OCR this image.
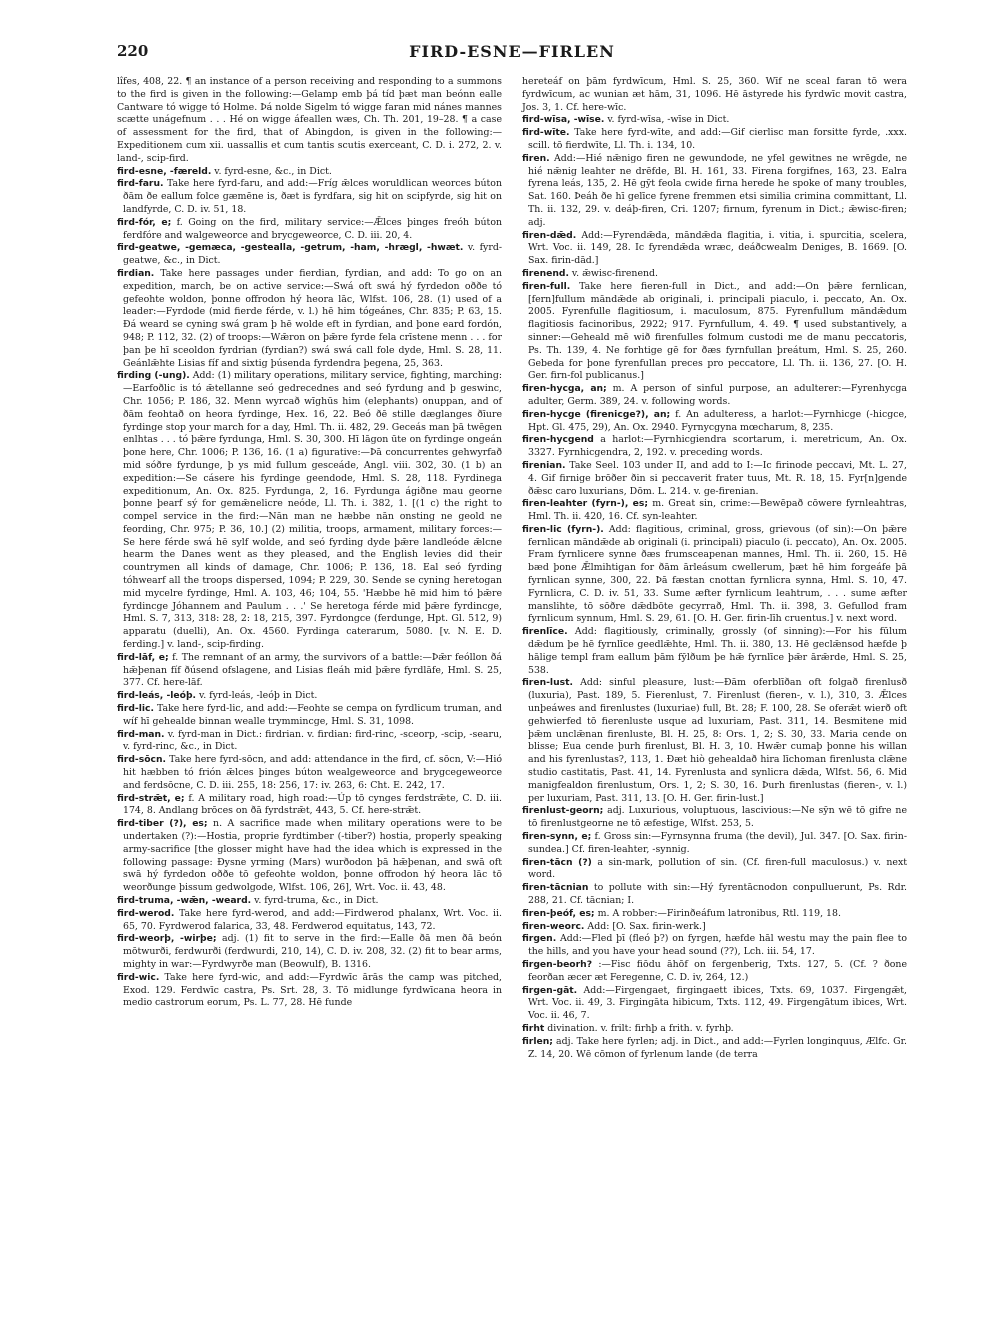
220	FIRD-ESNE—FIRLEN

lîfes, 408, 22. ¶ an instance of a person receiving and responding to a summons to the fird is given in the following:—Gelamp emb þá tíd þæt man beónn ealle Cantware tó wigge tó Holme. Þá nolde Sigelm tó wigge faran mid nánes mannes scætte unágefnum . . . Hé on wigge áfeallen wæs, Ch. Th. 201, 19–28. ¶ a case of assessment for the fird, that of Abingdon, is given in the following:—Expeditionem cum xii. uassallis et cum tantis scutis exerceant, C. D. i. 272, 2. v. land-, scip-fird.

fird-esne, -færeld. v. fyrd-esne, &c., in Dict.

fird-faru. Take here fyrd-faru, and add:—Fríg ǣlces woruldlican weorces búton ðām ðe eallum folce gæmēne is, ðæt is fyrdfara, sig hit on scipfyrde, sig hit on landfyrde, C. D. iv. 51, 18.

fird-fór, e; f. Going on the fird, military service:—Ǣlces þinges freóh búton ferdfóre and walgeweorce and brycgeweorce, C. D. iii. 20, 4.

fird-geatwe, -gemæca, -gestealla, -getrum, -ham, -hrægl, -hwæt. v. fyrd-geatwe, &c., in Dict.

firdian. Take here passages under fierdian, fyrdian, and add: To go on an expedition, march, be on active service:—Swá oft swá hý fyrdedon oððe tó gefeohte woldon, þonne offrodon hý heora lāc, Wlfst. 106, 28. (1) used of a leader:—Fyrdode (mid fierde férde, v. l.) hē him tógeánes, Chr. 835; P. 63, 15. Ðá weard se cyning swá gram þ hē wolde eft in fyrdian, and þone eard fordón, 948; P. 112, 32. (2) of troops:—Wǣron on þǣre fyrde fela crīstene menn . . . for þan þe hī sceoldon fyrdrian (fyrdian?) swá swá call fole dyde, Hml. S. 28, 11. Geánlǣhte Lisias fíf and sixtig þúsenda fyrdendra þegena, 25, 363.

firding (-ung). Add: (1) military operations, military service, fighting, marching:—Earfoðlic is tó ǣtellanne seó gedrecednes and seó fyrdung and þ geswinc, Chr. 1056; P. 186, 32. Menn wyrcað wīghūs him (elephants) onuppan, and of ðām feohtað on heora fyrdinge, Hex. 16, 22. Beó ðē stille dæglanges ðīure fyrdinge stop your march for a day, Hml. Th. ii. 482, 29. Geceás man þā twēgen enlhtas . . . tó þǣre fyrdunga, Hml. S. 30, 300. Hī lāgon ūte on fyrdinge ongeán þone here, Chr. 1006; P. 136, 16. (1 a) figurative:—Þā concurrentes gehwyrfað mid sóðre fyrdunge, þ ys mid fullum gesceáde, Angl. viii. 302, 30. (1 b) an expedition:—Se cásere his fyrdinge geendode, Hml. S. 28, 118. Fyrdinega expeditionum, An. Ox. 825. Fyrdunga, 2, 16. Fyrdunga ágiðne mau georne þonne þearf sý for gemǣnelicre neóde, Ll. Th. i. 382, 1. [(1 c) the right to compel service in the fird:—Nān man ne hæbbe nān onsting ne geold ne feording, Chr. 975; P. 36, 10.] (2) militia, troops, armament, military forces:—Se here férde swá hē sylf wolde, and seó fyrding dyde þǣre landleóde ǣlcne hearm the Danes went as they pleased, and the English levies did their countrymen all kinds of damage, Chr. 1006; P. 136, 18. Eal seó fyrding tóhwearf all the troops dispersed, 1094; P. 229, 30. Sende se cyning heretogan mid mycelre fyrdinge, Hml. A. 103, 46; 104, 55. 'Hæbbe hē mid him tó þǣre fyrdincge Jóhannem and Paulum . . .' Se heretoga férde mid þǣre fyrdincge, Hml. S. 7, 313, 318: 28, 2: 18, 215, 397. Fyrdongce (ferdunge, Hpt. Gl. 512, 9) apparatu (duelli), An. Ox. 4560. Fyrdinga caterarum, 5080. [v. N. E. D. ferding.] v. land-, scip-firding.

fird-lāf, e; f. The remnant of an army, the survivors of a battle:—Þǣr feóllon ðá hǣþenan fíf ðúsend ofslagene, and Lisias fleáh mid þǣre fyrdlāfe, Hml. S. 25, 377. Cf. here-lāf.

fird-leás, -leóþ. v. fyrd-leás, -leóþ in Dict.

fird-lic. Take here fyrd-lic, and add:—Feohte se cempa on fyrdlicum truman, and wíf hī gehealde binnan wealle trymmincge, Hml. S. 31, 1098.

fird-man. v. fyrd-man in Dict.: firdrian. v. firdian: fird-rinc, -sceorp, -scip, -searu, v. fyrd-rinc, &c., in Dict.

fird-sōcn. Take here fyrd-sōcn, and add: attendance in the fird, cf. sōcn, V:—Hió hit hæbben tó frión ǣlces þinges búton wealgeweorce and brygcegeweorce and ferdsōcne, C. D. iii. 255, 18: 256, 17: iv. 263, 6: Cht. E. 242, 17.

fird-strǣt, e; f. A military road, high road:—Úp tō cynges ferdstrǣte, C. D. iii. 174, 8. Andlang brōces on ðā fyrdstrǣt, 443, 5. Cf. here-strǣt.

fird-tiber (?), es; n. A sacrifice made when military operations were to be undertaken (?):—Hostia, proprie fyrdtimber (-tiber?) hostia, properly speaking army-sacrifice [the glosser might have had the idea which is expressed in the following passage: Ðysne yrming (Mars) wurðodon þā hǣþenan, and swā oft swā hý fyrdedon oððe tō gefeohte woldon, þonne offrodon hý heora lāc tō weorðunge þissum gedwolgode, Wlfst. 106, 26], Wrt. Voc. ii. 43, 48.

fird-truma, -wǣn, -weard. v. fyrd-truma, &c., in Dict.

fird-werod. Take here fyrd-werod, and add:—Firdwerod phalanx, Wrt. Voc. ii. 65, 70. Fyrdwerod falarica, 33, 48. Ferdwerod equitatus, 143, 72.

fird-weorþ, -wirþe; adj. (1) fit to serve in the fird:—Ealle ðā men ðā beón mōtwurði, ferdwurði (ferdwurdi, 210, 14), C. D. iv. 208, 32. (2) fit to bear arms, mighty in war:—Fyrdwyrðe man (Beowulf), B. 1316.

fird-wic. Take here fyrd-wic, and add:—Fyrdwīc ārās the camp was pitched, Exod. 129. Ferdwīc castra, Ps. Srt. 28, 3. Tō midlunge fyrdwīcana heora in medio castrorum eorum, Ps. L. 77, 28. Hē funde

hereteáf on þām fyrdwīcum, Hml. S. 25, 360. Wīf ne sceal faran tō wera fyrdwīcum, ac wunian æt hām, 31, 1096. Hē āstyrede his fyrdwīc movit castra, Jos. 3, 1. Cf. here-wīc.

fird-wīsa, -wīse. v. fyrd-wīsa, -wīse in Dict.

fird-wīte. Take here fyrd-wīte, and add:—Gif cierlisc man forsitte fyrde, .xxx. scill. tō fierdwīte, Ll. Th. i. 134, 10.

firen. Add:—Hié nǣnigo firen ne gewundode, ne yfel gewitnes ne wrēgde, ne hié nǣnig leahter ne drēfde, Bl. H. 161, 33. Firena forgifnes, 163, 23. Ealra fyrena leás, 135, 2. Hē gȳt feola cwide firna herede he spoke of many troubles, Sat. 160. Þeáh ðe hī gelīce fyrene fremmen etsi similia crimina committant, Ll. Th. ii. 132, 29. v. deáþ-firen, Cri. 1207; firnum, fyrenum in Dict.; ǣwisc-firen; adj.

firen-dǣd. Add:—Fyrendǣda, māndǣda flagitia, i. vitia, i. spurcitia, scelera, Wrt. Voc. ii. 149, 28. Ic fyrendǣda wræc, deáðcwealm Deniges, B. 1669. [O. Sax. firin-dād.]

firenend. v. ǣwisc-firenend.

firen-full. Take here fieren-full in Dict., and add:—On þǣre fernlican, [fern]fullum māndǣde ab originali, i. principali piaculo, i. peccato, An. Ox. 2005. Fyrenfulle flagitiosum, i. maculosum, 875. Fyrenfullum māndǣdum flagitiosis facinoribus, 2922; 917. Fyrnfullum, 4. 49. ¶ used substantively, a sinner:—Geheald mē wið firenfulles folmum custodi me de manu peccatoris, Ps. Th. 139, 4. Ne forhtige gē for ðæs fyrnfullan þreátum, Hml. S. 25, 260. Gebeda for þone fyrenfullan preces pro peccatore, Ll. Th. ii. 136, 27. [O. H. Ger. firn-fol publicanus.]

firen-hycga, an; m. A person of sinful purpose, an adulterer:—Fyrenhycga adulter, Germ. 389, 24. v. following words.

firen-hycge (firenicge?), an; f. An adulteress, a harlot:—Fyrnhicge (-hicgce, Hpt. Gl. 475, 29), An. Ox. 2940. Fyrnycgyna mœcharum, 8, 235.

firen-hycgend a harlot:—Fyrnhicgiendra scortarum, i. meretricum, An. Ox. 3327. Fyrnhicgendra, 2, 192. v. preceding words.

firenian. Take Seel. 103 under II, and add to I:—Ic firinode peccavi, Mt. L. 27, 4. Gif firnige brōðer ðin si peccaverit frater tuus, Mt. R. 18, 15. Fyr[n]gende ðǣsc caro luxurians, Dōm. L. 214. v. ge-firenian.

firen-leahter (fyrn-), es; m. Great sin, crime:—Bewēpað cōwere fyrnleahtras, Hml. Th. ii. 420, 16. Cf. syn-leahter.

firen-lic (fyrn-). Add: flagitious, criminal, gross, grievous (of sin):—On þǣre fernlican māndǣde ab originali (i. principali) piaculo (i. peccato), An. Ox. 2005. Fram fyrnlicere synne ðæs frumsceapenan mannes, Hml. Th. ii. 260, 15. Hē bæd þone Ǣlmihtigan for ðām ārleásum cwellerum, þæt hē him forgeáfe þā fyrnlican synne, 300, 22. Þā fæstan cnottan fyrnlicra synna, Hml. S. 10, 47. Fyrnlicra, C. D. iv. 51, 33. Sume æfter fyrnlicum leahtrum, . . . sume æfter manslihte, tō sōðre dǣdbōte gecyrrað, Hml. Th. ii. 398, 3. Gefullod fram fyrnlicum synnum, Hml. S. 29, 61. [O. H. Ger. firin-līh cruentus.] v. next word.

firenlīce. Add: flagitiously, criminally, grossly (of sinning):—For his fūlum dǣdum þe hē fyrnlīce geedlǣhte, Hml. Th. ii. 380, 13. Hē geclǣnsod hæfde þ hālige templ fram eallum þām fȳlðum þe hǣ fyrnlīce þǣr ārǣrde, Hml. S. 25, 538.

firen-lust. Add: sinful pleasure, lust:—Ðām oferblīðan oft folgað firenlusð (luxuria), Past. 189, 5. Fierenlust, 7. Firenlust (fieren-, v. l.), 310, 3. Ǣlces unþeáwes and firenlustes (luxuriae) full, Bt. 28; F. 100, 28. Se oferǣt wierð oft gehwierfed tō fierenluste usque ad luxuriam, Past. 311, 14. Besmitene mid þǣm unclǣnan firenluste, Bl. H. 25, 8: Ors. 1, 2; S. 30, 33. Maria cende on blisse; Eua cende þurh firenlust, Bl. H. 3, 10. Hwǣr cumaþ þonne his willan and his fyrenlustas?, 113, 1. Ðæt hiò gehealdað hira līchoman firenlustа clǣne studio castitatis, Past. 41, 14. Fyrenlusta and synlicra dǣda, Wlfst. 56, 6. Mid manigfealdon firenlustum, Ors. 1, 2; S. 30, 16. Þurh firenlustas (fieren-, v. l.) per luxuriam, Past. 311, 13. [O. H. Ger. firin-lust.]

firenlust-georn; adj. Luxurious, voluptuous, lascivious:—Ne sȳn wē tō gifre ne tō firenlustgeorne ne tō æfestige, Wlfst. 253, 5.

firen-synn, e; f. Gross sin:—Fyrnsynna fruma (the devil), Jul. 347. [O. Sax. firin-sundea.] Cf. firen-leahter, -synnig.

firen-tācn (?) a sin-mark, pollution of sin. (Cf. firen-full maculosus.) v. next word.

firen-tācnian to pollute with sin:—Hý fyrentācnodon conpulluerunt, Ps. Rdr. 288, 21. Cf. tācnian; I.

firen-þeóf, es; m. A robber:—Firinðeáfum latronibus, Rtl. 119, 18.

firen-weorc. Add: [O. Sax. firin-werk.]

firgen. Add:—Fled þī (fleó þ?) on fyrgen, hæfde hāl westu may the pain flee to the hills, and you have your head sound (??), Lch. iii. 54, 17.

firgen-beorh? :—Fisc fiōdu āhōf on fergenberig, Txts. 127, 5. (Cf. ? ðone feorðan æcer æt Feregenne, C. D. iv, 264, 12.)

firgen-gāt. Add:—Firgengaet, firgingaett ibices, Txts. 69, 1037. Firgengǣt, Wrt. Voc. ii. 49, 3. Firgingāta hibicum, Txts. 112, 49. Firgengātum ibices, Wrt. Voc. ii. 46, 7.

firht divination. v. frilt: firhþ a frith. v. fyrhþ.

firlen; adj. Take here fyrlen; adj. in Dict., and add:—Fyrlen longinquus, Ælfc. Gr. Z. 14, 20. Wē cōmon of fyrlenum lande (de terra
